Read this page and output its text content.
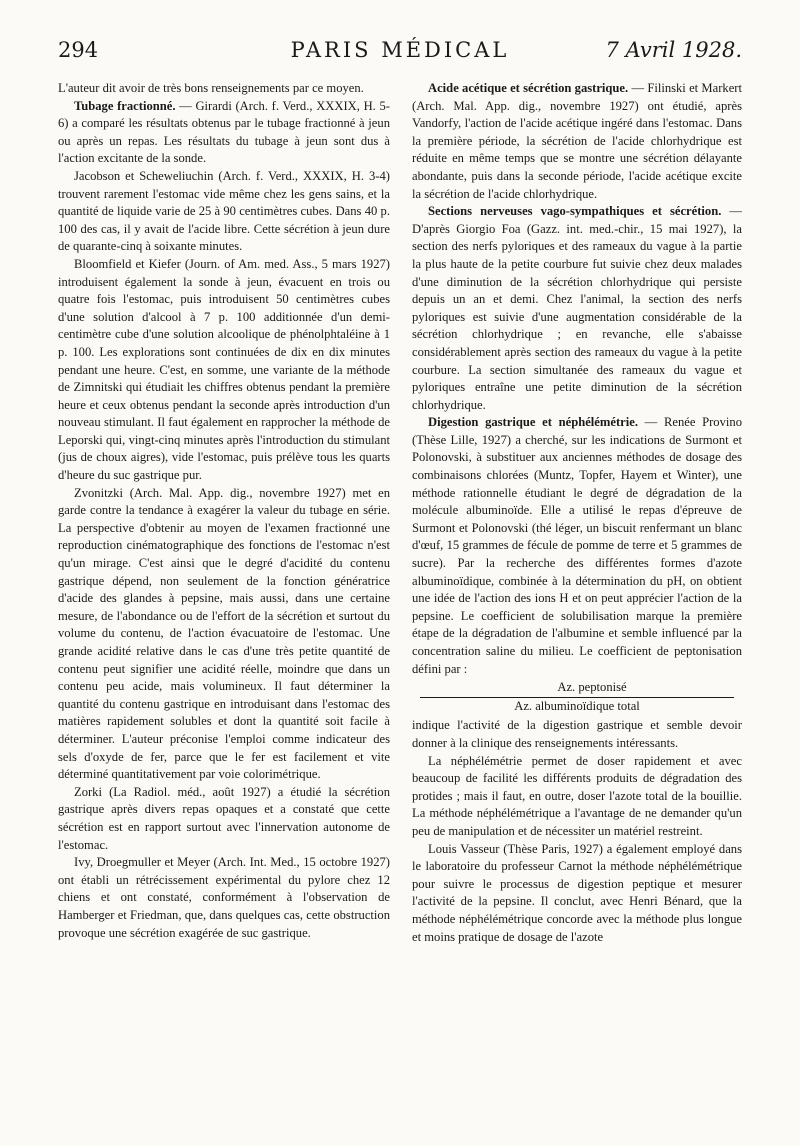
294	PARIS MÉDICAL	7 Avril 1928.

L'auteur dit avoir de très bons renseignements par ce moyen.

Tubage fractionné. — Girardi (Arch. f. Verd., XXXIX, H. 5-6) a comparé les résultats obtenus par le tubage fractionné à jeun ou après un repas. Les résultats du tubage à jeun sont dus à l'action excitante de la sonde.

Jacobson et Scheweliuchin (Arch. f. Verd., XXXIX, H. 3-4) trouvent rarement l'estomac vide même chez les gens sains, et la quantité de liquide varie de 25 à 90 centimètres cubes. Dans 40 p. 100 des cas, il y avait de l'acide libre. Cette sécrétion à jeun dure de quarante-cinq à soixante minutes.

Bloomfield et Kiefer (Journ. of Am. med. Ass., 5 mars 1927) introduisent également la sonde à jeun, évacuent en trois ou quatre fois l'estomac, puis introduisent 50 centimètres cubes d'une solution d'alcool à 7 p. 100 additionnée d'un demi-centimètre cube d'une solution alcoolique de phénolphtaléine à 1 p. 100. Les explorations sont continuées de dix en dix minutes pendant une heure. C'est, en somme, une variante de la méthode de Zimnitski qui étudiait les chiffres obtenus pendant la première heure et ceux obtenus pendant la seconde après introduction d'un nouveau stimulant. Il faut également en rapprocher la méthode de Leporski qui, vingt-cinq minutes après l'introduction du stimulant (jus de choux aigres), vide l'estomac, puis prélève tous les quarts d'heure du suc gastrique pur.

Zvonitzki (Arch. Mal. App. dig., novembre 1927) met en garde contre la tendance à exagérer la valeur du tubage en série. La perspective d'obtenir au moyen de l'examen fractionné une reproduction cinématographique des fonctions de l'estomac n'est qu'un mirage. C'est ainsi que le degré d'acidité du contenu gastrique dépend, non seulement de la fonction génératrice d'acide des glandes à pepsine, mais aussi, dans une certaine mesure, de l'abondance ou de l'effort de la sécrétion et surtout du volume du contenu, de l'action évacuatoire de l'estomac. Une grande acidité relative dans le cas d'une très petite quantité de contenu peut signifier une acidité réelle, moindre que dans un contenu peu acide, mais volumineux. Il faut déterminer la quantité du contenu gastrique en introduisant dans l'estomac des matières rapidement solubles et dont la quantité soit facile à déterminer. L'auteur préconise l'emploi comme indicateur des sels d'oxyde de fer, parce que le fer est facilement et vite déterminé quantitativement par voie colorimétrique.

Zorki (La Radiol. méd., août 1927) a étudié la sécrétion gastrique après divers repas opaques et a constaté que cette sécrétion est en rapport surtout avec l'innervation autonome de l'estomac.

Ivy, Droegmuller et Meyer (Arch. Int. Med., 15 octobre 1927) ont établi un rétrécissement expérimental du pylore chez 12 chiens et ont constaté, conformément à l'observation de Hamberger et Friedman, que, dans quelques cas, cette obstruction provoque une sécrétion exagérée de suc gastrique.

Acide acétique et sécrétion gastrique. — Filinski et Markert (Arch. Mal. App. dig., novembre 1927) ont étudié, après Vandorfy, l'action de l'acide acétique ingéré dans l'estomac. Dans la première période, la sécrétion de l'acide chlorhydrique est réduite en même temps que se montre une sécrétion délayante abondante, puis dans la seconde période, l'acide acétique excite la sécrétion de l'acide chlorhydrique.

Sections nerveuses vago-sympathiques et sécrétion. — D'après Giorgio Foa (Gazz. int. med.-chir., 15 mai 1927), la section des nerfs pyloriques et des rameaux du vague à la partie la plus haute de la petite courbure fut suivie chez deux malades d'une diminution de la sécrétion chlorhydrique qui persiste depuis un an et demi. Chez l'animal, la section des nerfs pyloriques est suivie d'une augmentation considérable de la sécrétion chlorhydrique ; en revanche, elle s'abaisse considérablement après section des rameaux du vague à la petite courbure. La section simultanée des rameaux du vague et pyloriques entraîne une petite diminution de la sécrétion chlorhydrique.

Digestion gastrique et néphélémétrie. — Renée Provino (Thèse Lille, 1927) a cherché, sur les indications de Surmont et Polonovski, à substituer aux anciennes méthodes de dosage des combinaisons chlorées (Muntz, Topfer, Hayem et Winter), une méthode rationnelle étudiant le degré de dégradation de la molécule albuminoïde. Elle a utilisé le repas d'épreuve de Surmont et Polonovski (thé léger, un biscuit renfermant un blanc d'œuf, 15 grammes de fécule de pomme de terre et 5 grammes de sucre). Par la recherche des différentes formes d'azote albuminoïdique, combinée à la détermination du pH, on obtient une idée de l'action des ions H et on peut apprécier l'action de la pepsine. Le coefficient de solubilisation marque la première étape de la dégradation de l'albumine et semble influencé par la concentration saline du milieu. Le coefficient de peptonisation défini par :

Az. peptonisé
Az. albuminoïdique total

indique l'activité de la digestion gastrique et semble devoir donner à la clinique des renseignements intéressants.

La néphélémétrie permet de doser rapidement et avec beaucoup de facilité les différents produits de dégradation des protides ; mais il faut, en outre, doser l'azote total de la bouillie. La méthode néphélémétrique a l'avantage de ne demander qu'un peu de manipulation et de nécessiter un matériel restreint.

Louis Vasseur (Thèse Paris, 1927) a également employé dans le laboratoire du professeur Carnot la méthode néphélémétrique pour suivre le processus de digestion peptique et mesurer l'activité de la pepsine. Il conclut, avec Henri Bénard, que la méthode néphélémétrique concorde avec la méthode plus longue et moins pratique de dosage de l'azote
